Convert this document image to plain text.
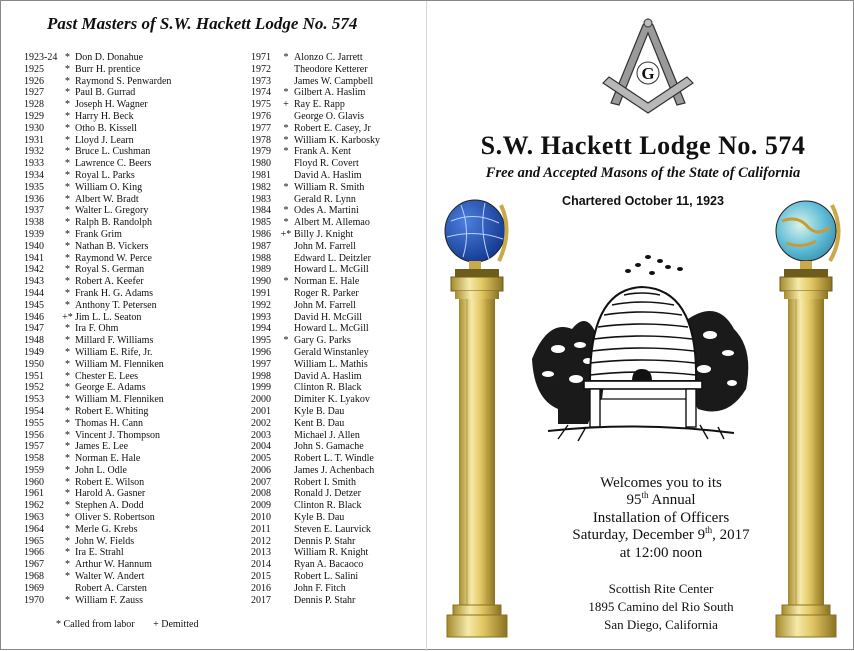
Past Masters of S.W. Hackett Lodge No. 574
1923-24 * Don D. Donahue
1925	* Burr H. prentice
1926	* Raymond S. Penwarden
1927	* Paul B. Gurrad
1928	* Joseph H. Wagner
1929	* Harry H. Beck
1930	* Otho B. Kissell
1931	* Lloyd J. Learn
1932	* Bruce L. Cushman
1933	* Lawrence C. Beers
1934	* Royal L. Parks
1935	* William O. King
1936	* Albert W. Bradt
1937	* Walter L. Gregory
1938	* Ralph B. Randolph
1939	* Frank Grim
1940	* Nathan B. Vickers
1941	* Raymond W. Perce
1942	* Royal S. German
1943	* Robert A. Keefer
1944	* Frank H. G. Adams
1945	* Anthony T. Petersen
1946	+* Jim L. L. Seaton
1947	* Ira F. Ohm
1948	* Millard F. Williams
1949	* William E. Rife, Jr.
1950	* William M. Flenniken
1951	* Chester E. Lees
1952	* George E. Adams
1953	* William M. Flenniken
1954	* Robert E. Whiting
1955	* Thomas H. Cann
1956	* Vincent J. Thompson
1957	* James E. Lee
1958	* Norman E. Hale
1959	* John L. Odle
1960	* Robert E. Wilson
1961	* Harold A. Gasner
1962	* Stephen A. Dodd
1963	* Oliver S. Robertson
1964	* Merle G. Krebs
1965	* John W. Fields
1966	* Ira E. Strahl
1967	* Arthur W. Hannum
1968	* Walter W. Andert
1969	Robert A. Carsten
1970	* William F. Zauss
1971	* Alonzo C. Jarrett
1972	Theodore Ketterer
1973	James W. Campbell
1974	* Gilbert A. Haslim
1975	+ Ray E. Rapp
1976	George O. Glavis
1977	* Robert E. Casey, Jr
1978	* William K. Karbosky
1979	* Frank A. Kent
1980	Floyd R. Covert
1981	David A. Haslim
1982	* William R. Smith
1983	Gerald R. Lynn
1984	* Odes A. Martini
1985	* Albert M. Allemao
1986 +* Billy J. Knight
1987	John M. Farrell
1988	Edward L. Deitzler
1989	Howard L. McGill
1990	* Norman E. Hale
1991	Roger R. Parker
1992	John M. Farrell
1993	David H. McGill
1994	Howard L. McGill
1995	* Gary G. Parks
1996	Gerald Winstanley
1997	William L. Mathis
1998	David A. Haslim
1999	Clinton R. Black
2000	Dimiter K. Lyakov
2001	Kyle B. Dau
2002	Kent B. Dau
2003	Michael J. Allen
2004	John S. Gamache
2005	Robert L. T. Windle
2006	James J. Achenbach
2007	Robert I. Smith
2008	Ronald J. Detzer
2009	Clinton R. Black
2010	Kyle B. Dau
2011	Steven E. Laurvick
2012	Dennis P. Stahr
2013	William R. Knight
2014	Ryan A. Bacaoco
2015	Robert L. Salini
2016	John F. Fitch
2017	Dennis P. Stahr
* Called from labor + Demitted
G
S.W. Hackett Lodge No. 574
Free and Accepted Masons of the State of California
Chartered October 11, 1923
Welcomes you to its
95th Annual
Installation of Officers
Saturday, December 9th, 2017
at 12:00 noon
Scottish Rite Center
1895 Camino del Rio South
San Diego, California
